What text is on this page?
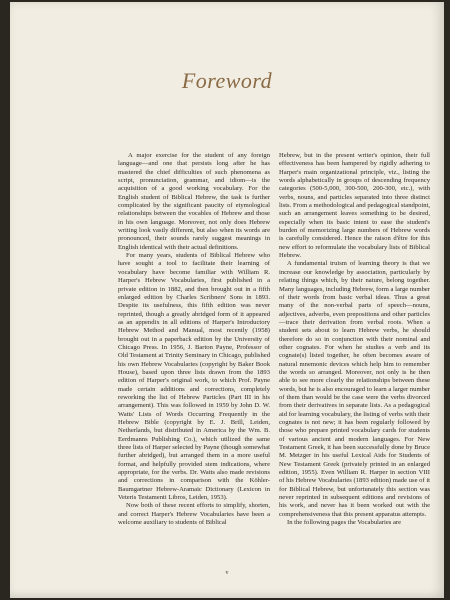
Foreword

A major exercise for the student of any foreign language—and one that persists long after he has mastered the chief difficulties of such phenomena as script, pronunciation, grammar, and idiom—is the acquisition of a good working vocabulary. For the English student of Biblical Hebrew, the task is further complicated by the significant paucity of etymological relationships between the vocables of Hebrew and those in his own language. Moreover, not only does Hebrew writing look vastly different, but also when its words are pronounced, their sounds rarely suggest meanings in English identical with their actual definitions.

For many years, students of Biblical Hebrew who have sought a tool to facilitate their learning of vocabulary have become familiar with William R. Harper's Hebrew Vocabularies, first published in a private edition in 1882, and then brought out in a fifth enlarged edition by Charles Scribners' Sons in 1893. Despite its usefulness, this fifth edition was never reprinted, though a greatly abridged form of it appeared as an appendix in all editions of Harper's Introductory Hebrew Method and Manual, most recently (1958) brought out in a paperback edition by the University of Chicago Press. In 1956, J. Barton Payne, Professor of Old Testament at Trinity Seminary in Chicago, published his own Hebrew Vocabularies (copyright by Baker Book House), based upon three lists drawn from the 1893 edition of Harper's original work, to which Prof. Payne made certain additions and corrections, completely reworking the list of Hebrew Particles (Part III in his arrangement). This was followed in 1959 by John D. W. Watts' Lists of Words Occurring Frequently in the Hebrew Bible (copyright by E. J. Brill, Leiden, Netherlands, but distributed in America by the Wm. B. Eerdmanns Publishing Co.), which utilized the same three lists of Harper selected by Payne (though somewhat further abridged), but arranged them in a more useful format, and helpfully provided stem indications, where appropriate, for the verbs. Dr. Watts also made revisions and corrections in comparison with the Köhler-Baumgartner Hebrew-Aramaic Dictionary (Lexicon in Veteris Testamenti Libros, Leiden, 1953).

Now both of these recent efforts to simplify, shorten, and correct Harper's Hebrew Vocabularies have been a welcome auxiliary to students of Biblical

Hebrew, but in the present writer's opinion, their full effectiveness has been hampered by rigidly adhering to Harper's main organizational principle, viz., listing the words alphabetically in groups of descending frequency categories (500-5,000, 300-500, 200-300, etc.), with verbs, nouns, and particles separated into three distinct lists. From a methodological and pedagogical standpoint, such an arrangement leaves something to be desired, especially when its basic intent to ease the student's burden of memorizing large numbers of Hebrew words is carefully considered. Hence the raison d'être for this new effort to reformulate the vocabulary lists of Biblical Hebrew.

A fundamental truism of learning theory is that we increase our knowledge by association, particularly by relating things which, by their nature, belong together. Many languages, including Hebrew, form a large number of their words from basic verbal ideas. Thus a great many of the non-verbal parts of speech—nouns, adjectives, adverbs, even prepositions and other particles—trace their derivation from verbal roots. When a student sets about to learn Hebrew verbs, he should therefore do so in conjunction with their nominal and other cognates. For when he studies a verb and its cognate(s) listed together, he often becomes aware of natural mnemonic devices which help him to remember the words so arranged. Moreover, not only is he then able to see more clearly the relationships between these words, but he is also encouraged to learn a larger number of them than would be the case were the verbs divorced from their derivatives in separate lists. As a pedagogical aid for learning vocabulary, the listing of verbs with their cognates is not new; it has been regularly followed by those who prepare printed vocabulary cards for students of various ancient and modern languages. For New Testament Greek, it has been successfully done by Bruce M. Metzger in his useful Lexical Aids for Students of New Testament Greek (privately printed in an enlarged edition, 1955). Even William R. Harper in section VIII of his Hebrew Vocabularies (1893 edition) made use of it for Biblical Hebrew, but unfortunately this section was never reprinted in subsequent editions and revisions of his work, and never has it been worked out with the comprehensiveness that this present apparatus attempts.

In the following pages the Vocabularies are

v
